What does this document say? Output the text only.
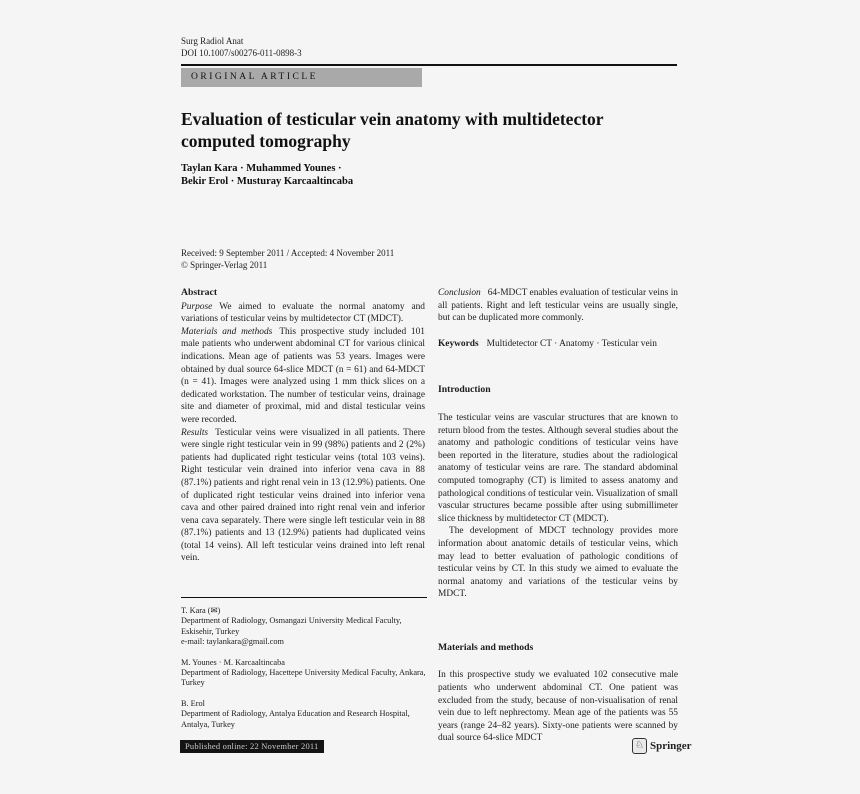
Surg Radiol Anat
DOI 10.1007/s00276-011-0898-3
ORIGINAL ARTICLE
Evaluation of testicular vein anatomy with multidetector computed tomography
Taylan Kara · Muhammed Younes ·
Bekir Erol · Musturay Karcaaltincaba
Received: 9 September 2011 / Accepted: 4 November 2011
© Springer-Verlag 2011

Abstract

Purpose We aimed to evaluate the normal anatomy and variations of testicular veins by multidetector CT (MDCT).

Materials and methods This prospective study included 101 male patients who underwent abdominal CT for various clinical indications. Mean age of patients was 53 years. Images were obtained by dual source 64-slice MDCT (n = 61) and 64-MDCT (n = 41). Images were analyzed using 1 mm thick slices on a dedicated workstation. The number of testicular veins, drainage site and diameter of proximal, mid and distal testicular veins were recorded.

Results Testicular veins were visualized in all patients. There were single right testicular vein in 99 (98%) patients and 2 (2%) patients had duplicated right testicular veins (total 103 veins). Right testicular vein drained into inferior vena cava in 88 (87.1%) patients and right renal vein in 13 (12.9%) patients. One of duplicated right testicular veins drained into inferior vena cava and other paired drained into right renal vein and inferior vena cava separately. There were single left testicular vein in 88 (87.1%) patients and 13 (12.9%) patients had duplicated veins (total 14 veins). All left testicular veins drained into left renal vein.

Conclusion 64-MDCT enables evaluation of testicular veins in all patients. Right and left testicular veins are usually single, but can be duplicated more commonly.

Keywords Multidetector CT · Anatomy · Testicular vein

Introduction

The testicular veins are vascular structures that are known to return blood from the testes. Although several studies about the anatomy and pathologic conditions of testicular veins have been reported in the literature, studies about the radiological anatomy of testicular veins are rare. The standard abdominal computed tomography (CT) is limited to assess anatomy and pathological conditions of testicular vein. Visualization of small vascular structures became possible after using submillimeter slice thickness by multidetector CT (MDCT).

The development of MDCT technology provides more information about anatomic details of testicular veins, which may lead to better evaluation of pathologic conditions of testicular veins by CT. In this study we aimed to evaluate the normal anatomy and variations of the testicular veins by MDCT.

Materials and methods

In this prospective study we evaluated 102 consecutive male patients who underwent abdominal CT. One patient was excluded from the study, because of non-visualisation of renal vein due to left nephrectomy. Mean age of the patients was 55 years (range 24–82 years). Sixty-one patients were scanned by dual source 64-slice MDCT

T. Kara (✉)
Department of Radiology, Osmangazi University Medical Faculty, Eskisehir, Turkey
e-mail: taylankara@gmail.com
M. Younes · M. Karcaaltincaba
Department of Radiology, Hacettepe University Medical Faculty, Ankara, Turkey
B. Erol
Department of Radiology, Antalya Education and Research Hospital, Antalya, Turkey
Published online: 22 November 2011	♘ Springer
